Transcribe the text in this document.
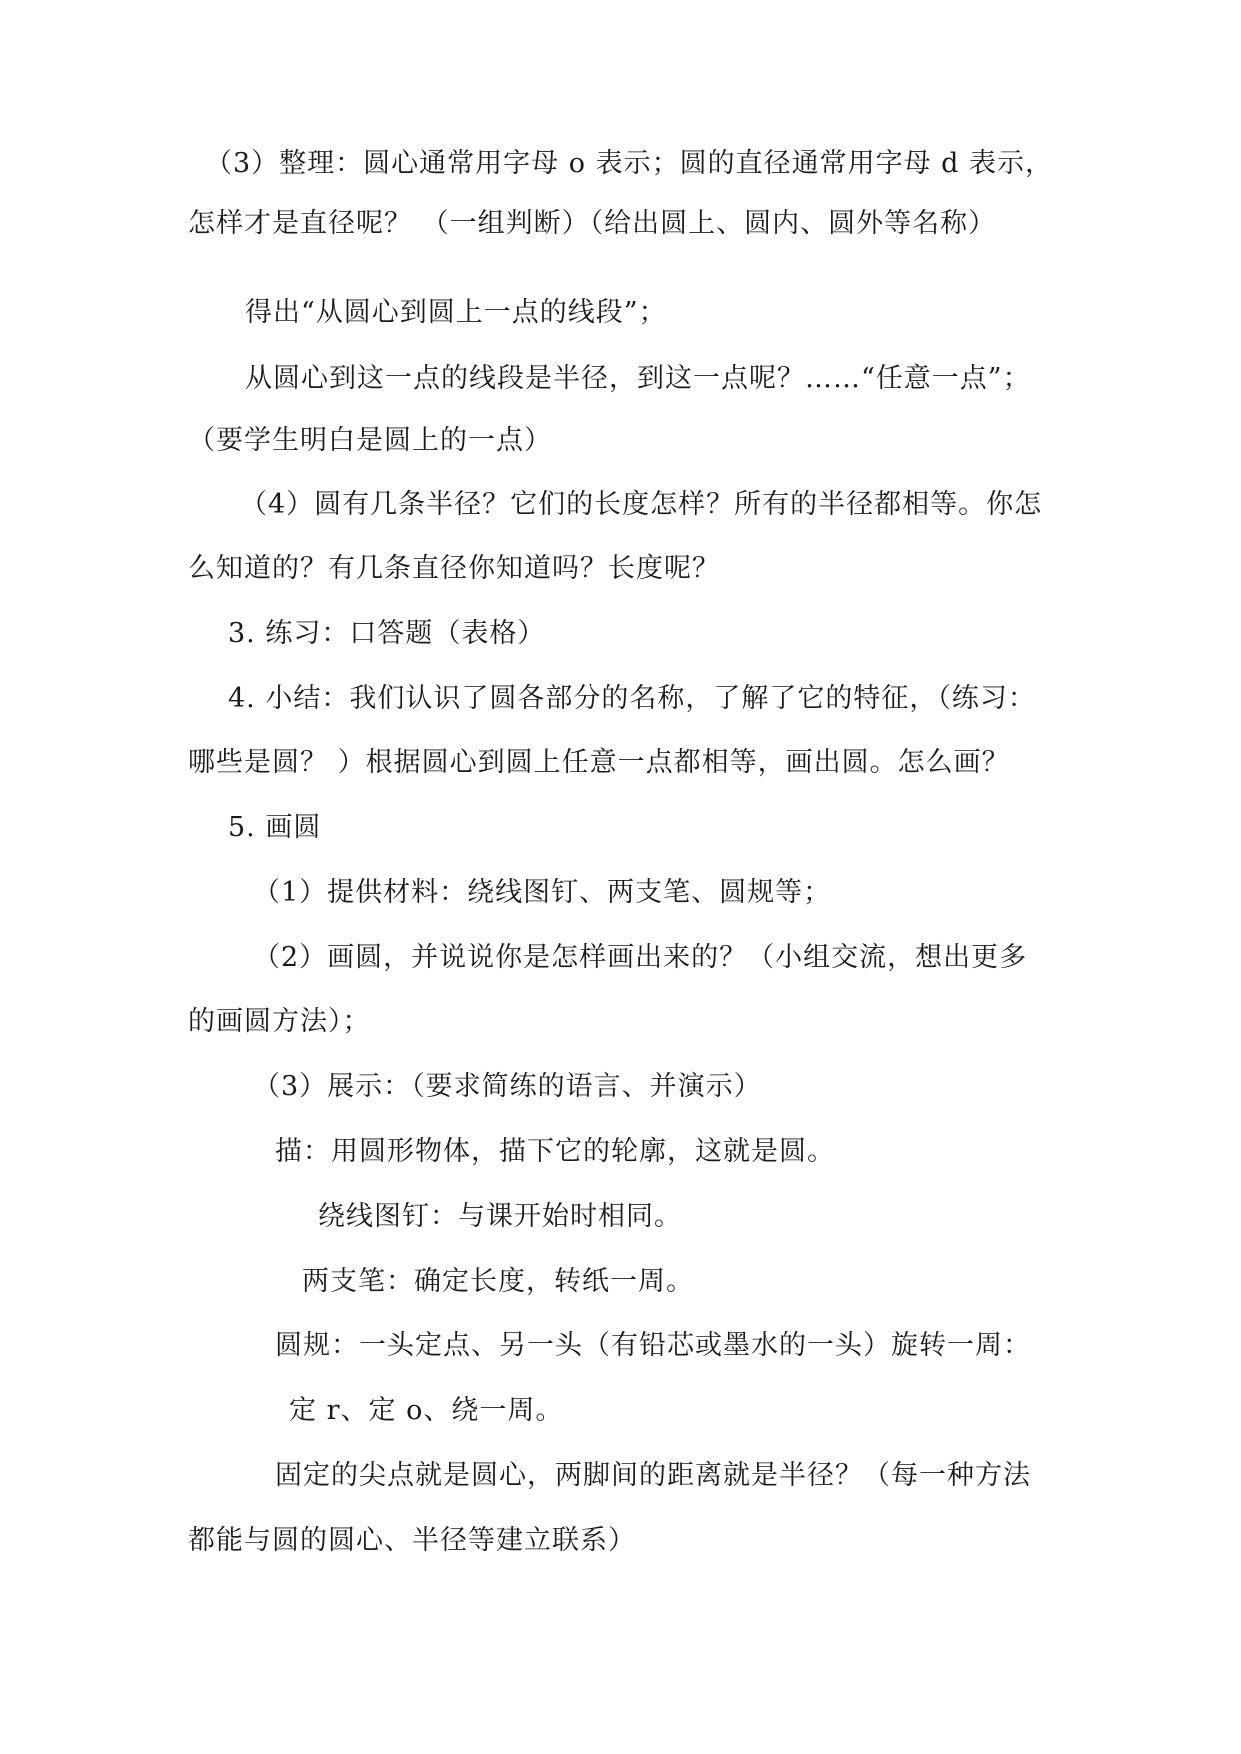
（3）整理：圆心通常用字母 o 表示；圆的直径通常用字母 d 表示，
怎样才是直径呢？ （一组判断）（给出圆上、圆内、圆外等名称）
得出“从圆心到圆上一点的线段”；
从圆心到这一点的线段是半径，到这一点呢？……“任意一点”；
（要学生明白是圆上的一点）
（4）圆有几条半径？它们的长度怎样？所有的半径都相等。你怎
么知道的？有几条直径你知道吗？长度呢？
3. 练习：口答题（表格）
4. 小结：我们认识了圆各部分的名称，了解了它的特征，（练习：
哪些是圆？ ）根据圆心到圆上任意一点都相等，画出圆。怎么画？
5. 画圆
（1）提供材料：绕线图钉、两支笔、圆规等；
（2）画圆，并说说你是怎样画出来的？（小组交流，想出更多
的画圆方法）；
（3）展示：（要求简练的语言、并演示）
描：用圆形物体，描下它的轮廓，这就是圆。
绕线图钉：与课开始时相同。
两支笔：确定长度，转纸一周。
圆规：一头定点、另一头（有铅芯或墨水的一头）旋转一周：
定 r、定 o、绕一周。
固定的尖点就是圆心，两脚间的距离就是半径？（每一种方法
都能与圆的圆心、半径等建立联系）
